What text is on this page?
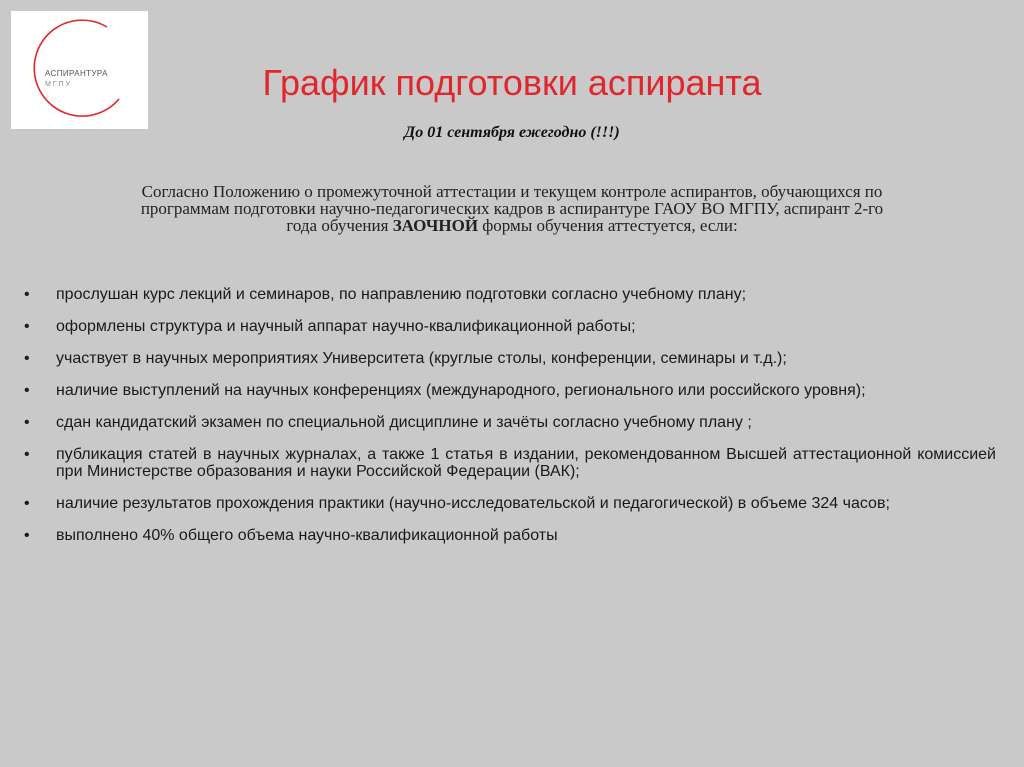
АСПИРАНТУРА
МГПУ	График подготовки аспиранта
До 01 сентября ежегодно (!!!)

Согласно Положению о промежуточной аттестации и текущем контроле аспирантов, обучающихся по

программам подготовки научно-педагогических кадров в аспирантуре ГАОУ ВО МГПУ, аспирант 2-го

года обучения ЗАОЧНОЙ формы обучения аттестуется, если:

• прослушан курс лекций и семинаров, по направлению подготовки согласно учебному плану;
• оформлены структура и научный аппарат научно-квалификационной работы;
• участвует в научных мероприятиях Университета (круглые столы, конференции, семинары и т.д.);
• наличие выступлений на научных конференциях (международного, регионального или российского уровня);
• сдан кандидатский экзамен по специальной дисциплине и зачёты согласно учебному плану ;
• публикация статей в научных журналах, а также 1 статья в издании, рекомендованном Высшей аттестационной комиссией при Министерстве образования и науки Российской Федерации (ВАК);
• наличие результатов прохождения практики (научно-исследовательской и педагогической) в объеме 324 часов;
• выполнено 40% общего объема научно-квалификационной работы
